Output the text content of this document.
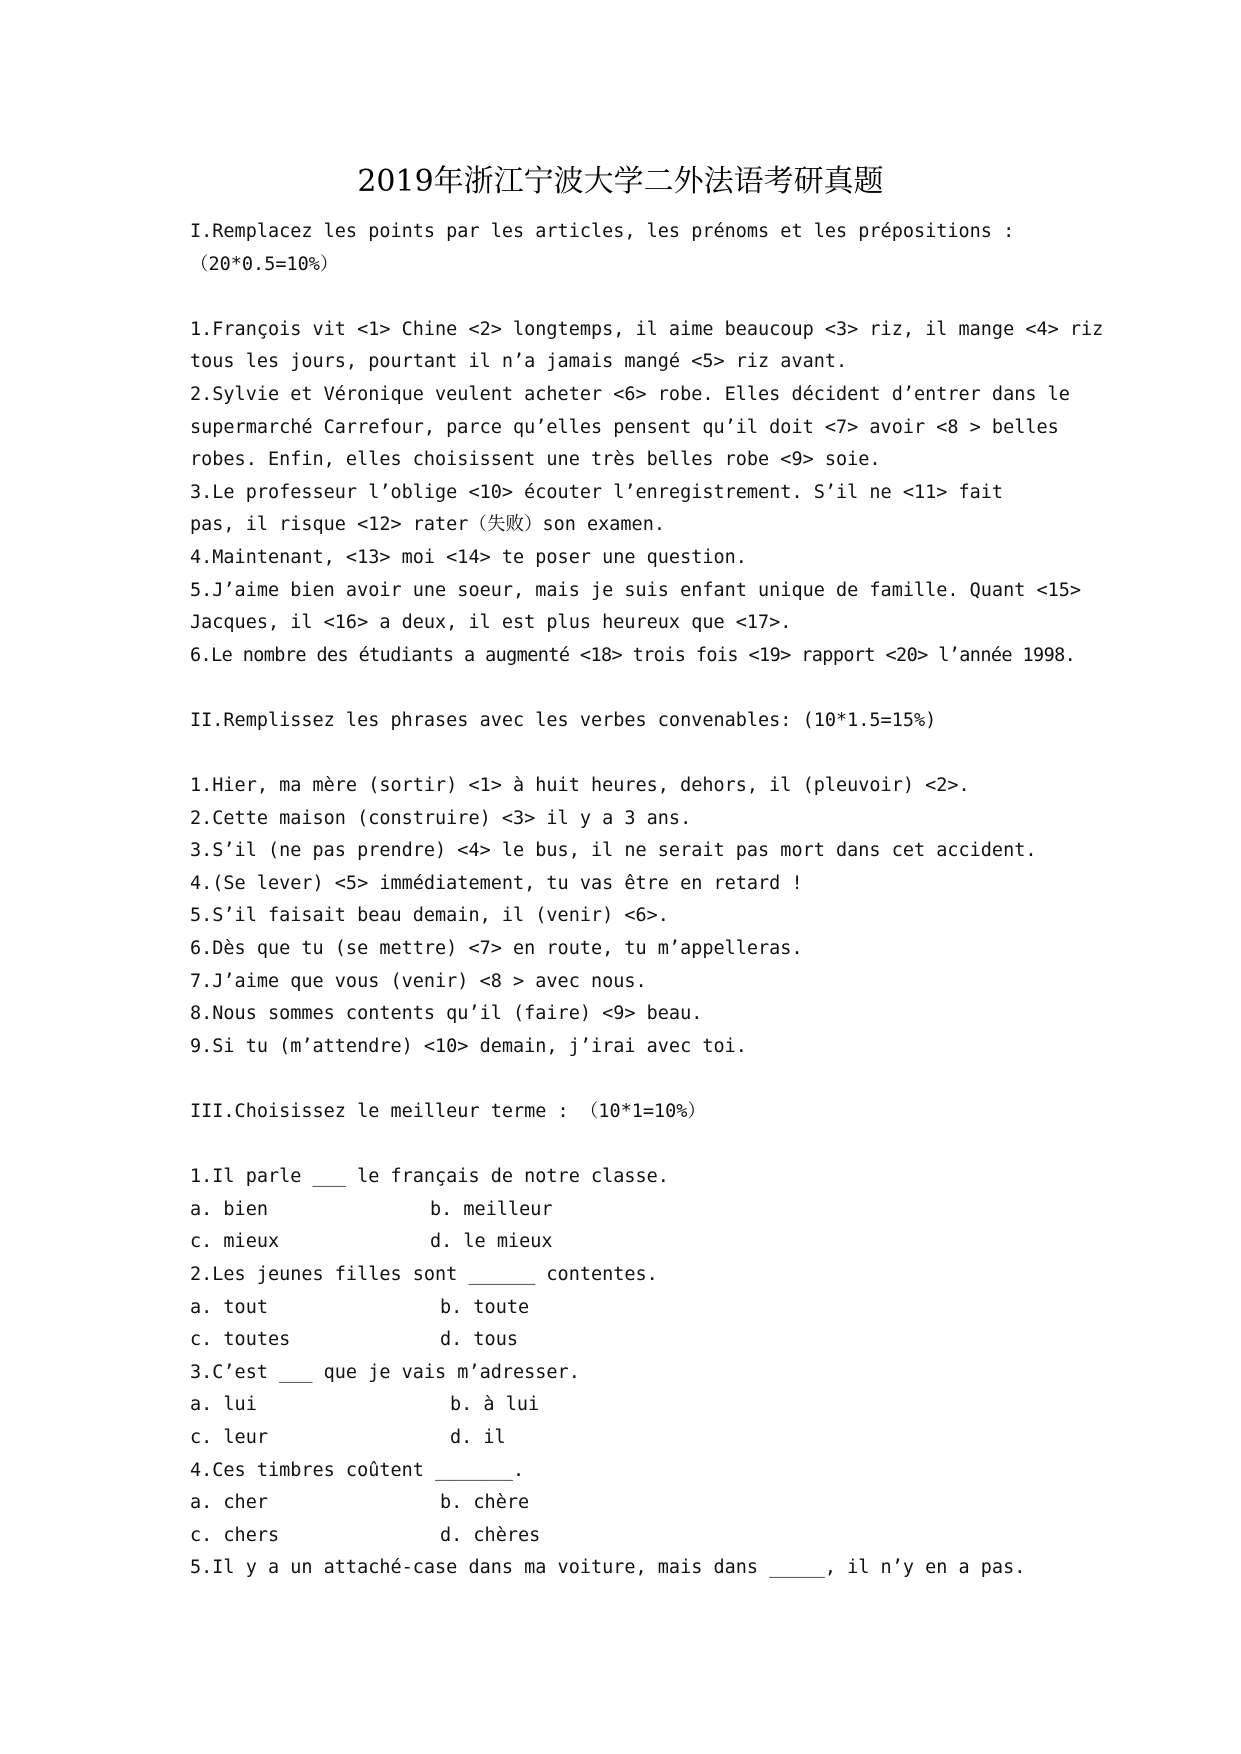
2019年浙江宁波大学二外法语考研真题
I.Remplacez les points par les articles, les prénoms et les prépositions :
（20*0.5=10%）
1.François vit <1> Chine <2> longtemps, il aime beaucoup <3> riz, il mange <4> riz
tous les jours, pourtant il n’a jamais mangé <5> riz avant.
2.Sylvie et Véronique veulent acheter <6> robe. Elles décident d’entrer dans le
supermarché Carrefour, parce qu’elles pensent qu’il doit <7> avoir <8 > belles
robes. Enfin, elles choisissent une très belles robe <9> soie.
3.Le professeur l’oblige <10> écouter l’enregistrement. S’il ne <11> fait
pas, il risque <12> rater（失败）son examen.
4.Maintenant, <13> moi <14> te poser une question.
5.J’aime bien avoir une soeur, mais je suis enfant unique de famille. Quant <15>
Jacques, il <16> a deux, il est plus heureux que <17>.
6.Le nombre des étudiants a augmenté <18> trois fois <19> rapport <20> l’année 1998.
II.Remplissez les phrases avec les verbes convenables: (10*1.5=15%)
1.Hier, ma mère (sortir) <1> à huit heures, dehors, il (pleuvoir) <2>.
2.Cette maison (construire) <3> il y a 3 ans.
3.S’il (ne pas prendre) <4> le bus, il ne serait pas mort dans cet accident.
4.(Se lever) <5> immédiatement, tu vas être en retard !
5.S’il faisait beau demain, il (venir) <6>.
6.Dès que tu (se mettre) <7> en route, tu m’appelleras.
7.J’aime que vous (venir) <8 > avec nous.
8.Nous sommes contents qu’il (faire) <9> beau.
9.Si tu (m’attendre) <10> demain, j’irai avec toi.
III.Choisissez le meilleur terme : （10*1=10%）
1.Il parle ___ le français de notre classe.
a. bien	b. meilleur
c. mieux	d. le mieux
2.Les jeunes filles sont ______ contentes.
a. tout	b. toute
c. toutes	d. tous
3.C’est ___ que je vais m’adresser.
a. lui	b. à lui
c. leur	d. il
4.Ces timbres coûtent _______.
a. cher	b. chère
c. chers	d. chères
5.Il y a un attaché-case dans ma voiture, mais dans _____, il n’y en a pas.
